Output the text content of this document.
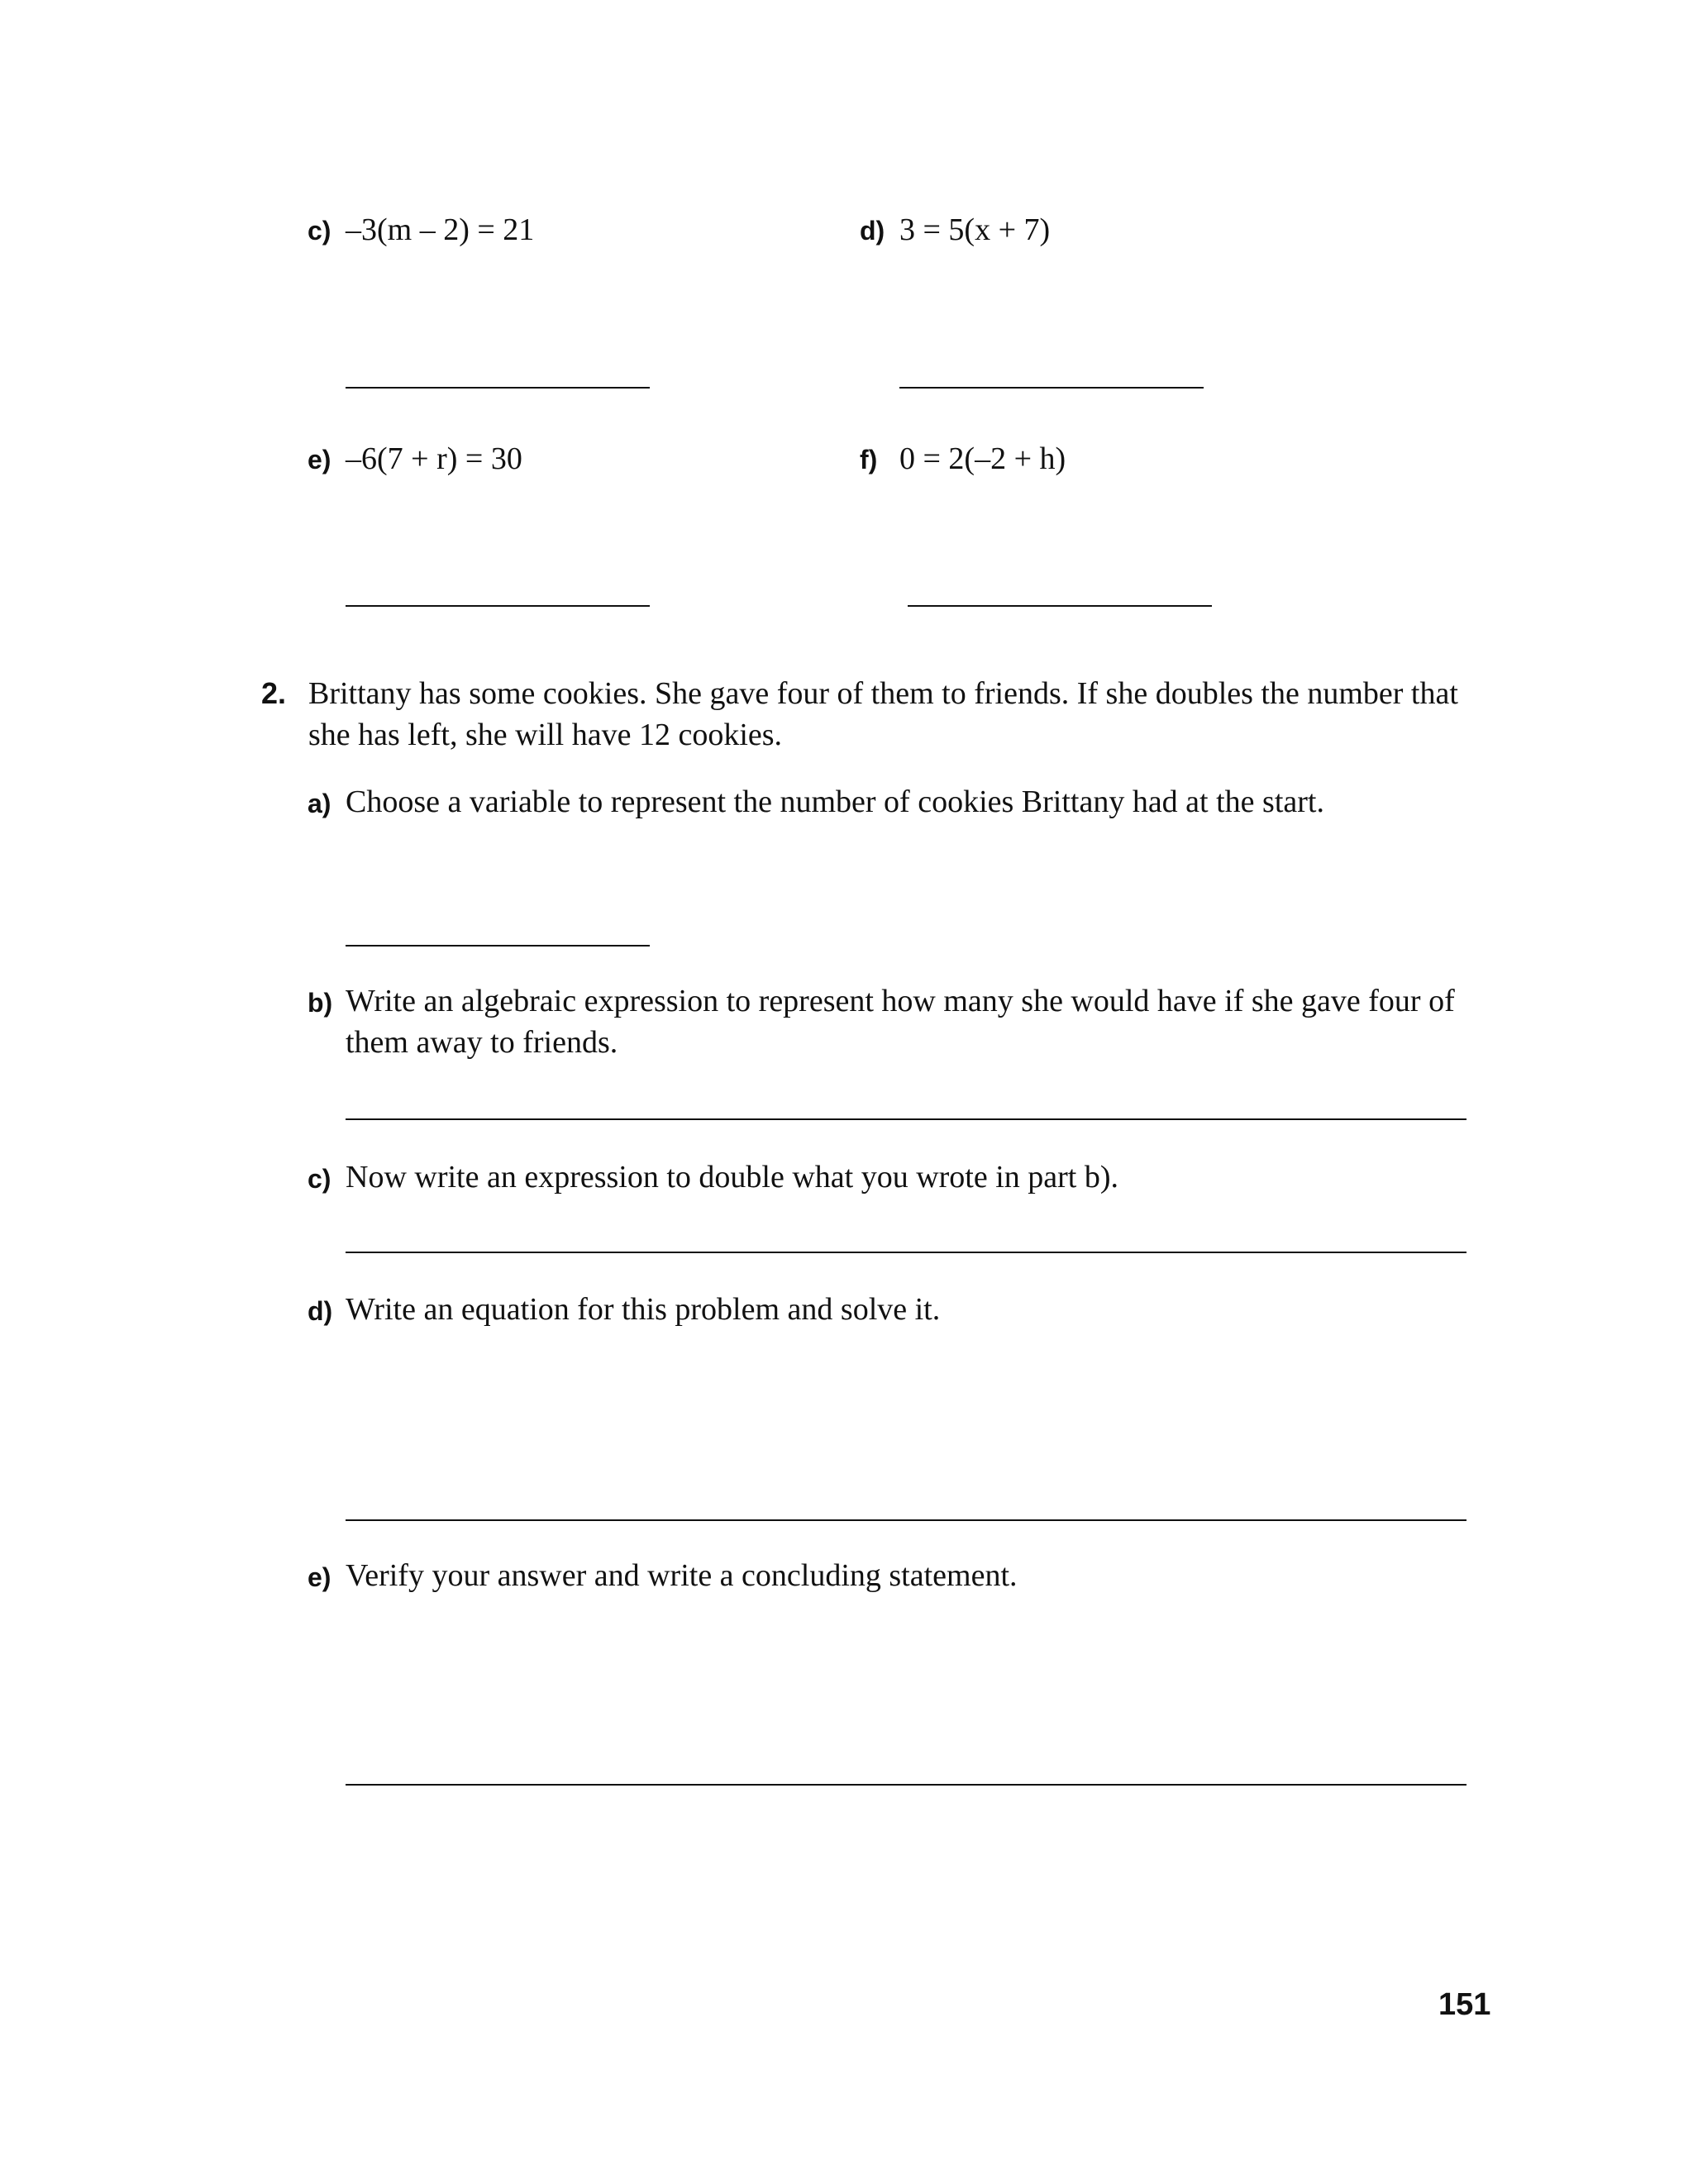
c) –3(m – 2) = 21	d) 3 = 5(x + 7)
e) –6(7 + r) = 30	f) 0 = 2(–2 + h)
2. Brittany has some cookies. She gave four of them to friends. If she doubles the number that she has left, she will have 12 cookies.
a) Choose a variable to represent the number of cookies Brittany had at the start.
b) Write an algebraic expression to represent how many she would have if she gave four of them away to friends.
c) Now write an expression to double what you wrote in part b).
d) Write an equation for this problem and solve it.
e) Verify your answer and write a concluding statement.
151
